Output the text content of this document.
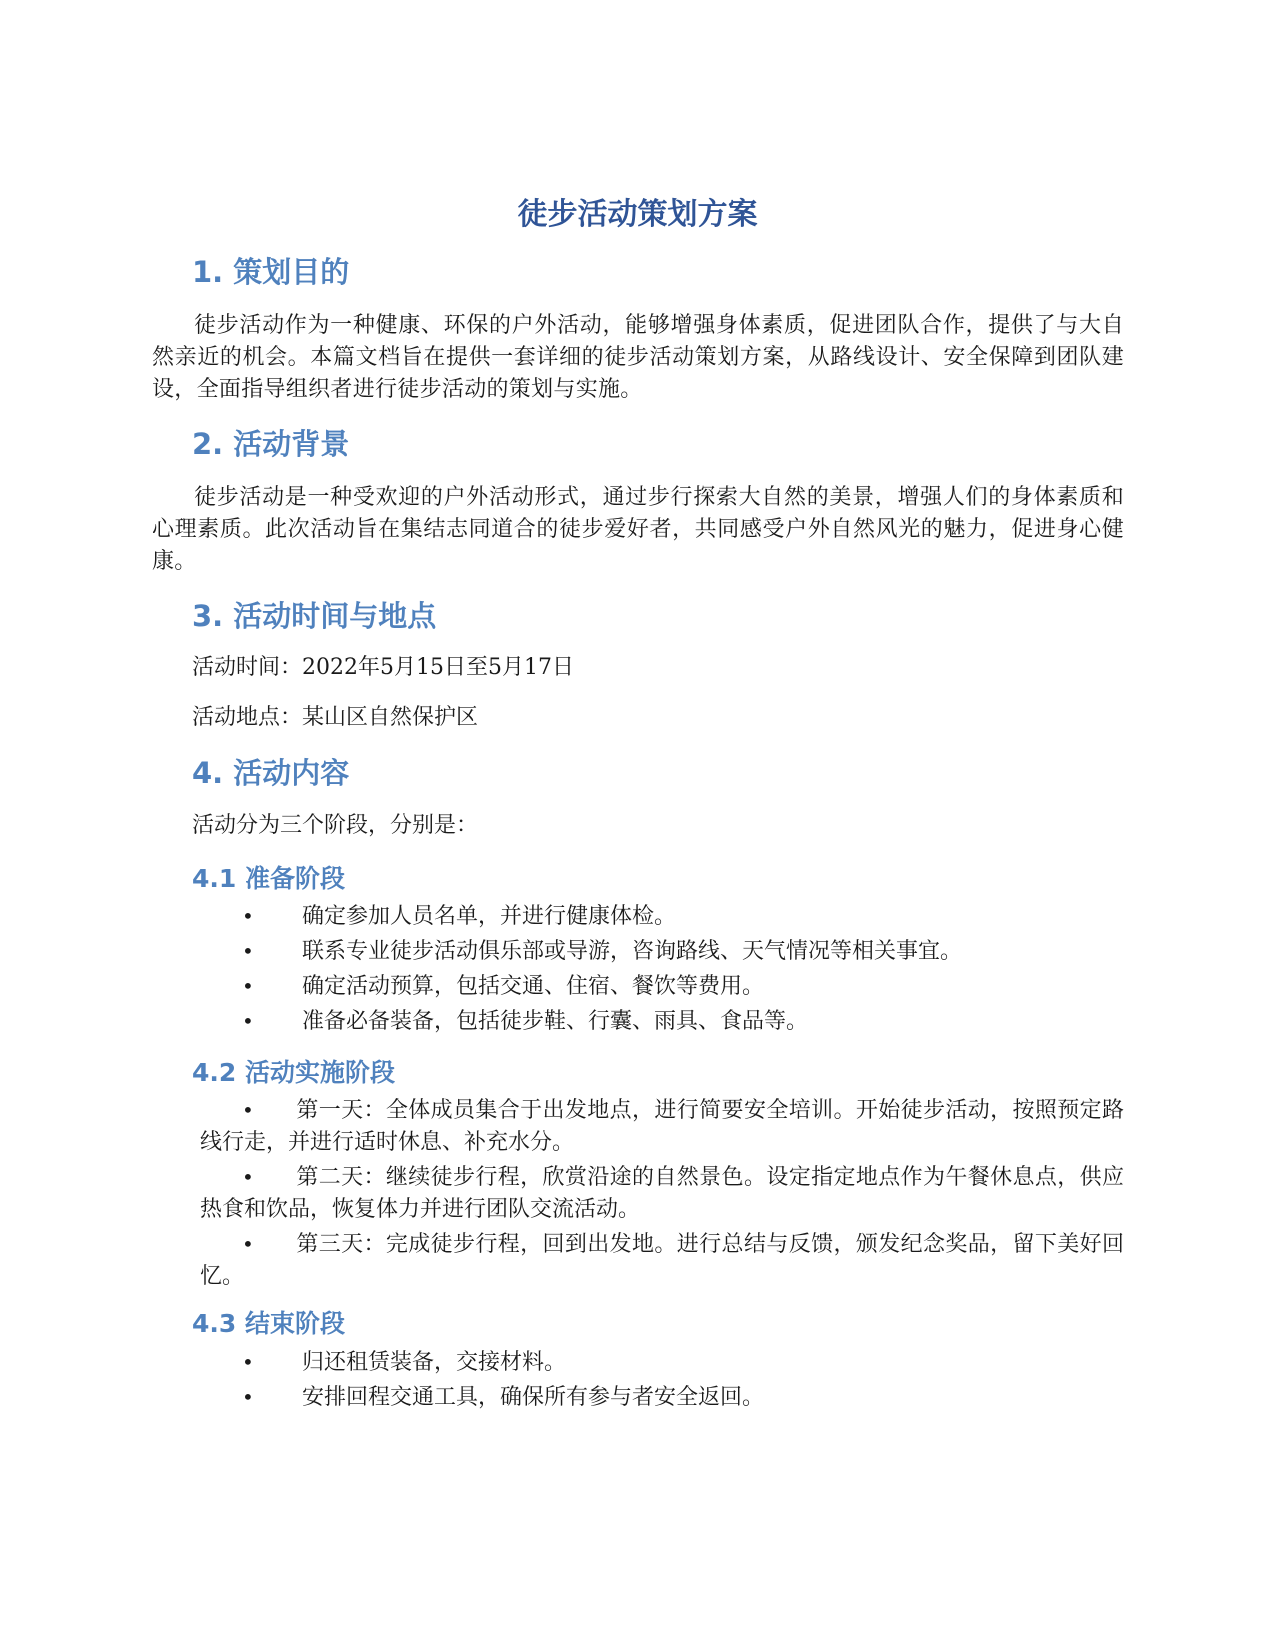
徒步活动策划方案
1. 策划目的

徒步活动作为一种健康、环保的户外活动，能够增强身体素质，促进团队合作，提供了与大自然亲近的机会。本篇文档旨在提供一套详细的徒步活动策划方案，从路线设计、安全保障到团队建设，全面指导组织者进行徒步活动的策划与实施。

2. 活动背景

徒步活动是一种受欢迎的户外活动形式，通过步行探索大自然的美景，增强人们的身体素质和心理素质。此次活动旨在集结志同道合的徒步爱好者，共同感受户外自然风光的魅力，促进身心健康。

3. 活动时间与地点

活动时间：2022年5月15日至5月17日

活动地点：某山区自然保护区

4. 活动内容

活动分为三个阶段，分别是：

4.1 准备阶段
• 确定参加人员名单，并进行健康体检。
• 联系专业徒步活动俱乐部或导游，咨询路线、天气情况等相关事宜。
• 确定活动预算，包括交通、住宿、餐饮等费用。
• 准备必备装备，包括徒步鞋、行囊、雨具、食品等。
4.2 活动实施阶段
• 第一天：全体成员集合于出发地点，进行简要安全培训。开始徒步活动，按照预定路线行走，并进行适时休息、补充水分。
• 第二天：继续徒步行程，欣赏沿途的自然景色。设定指定地点作为午餐休息点，供应热食和饮品，恢复体力并进行团队交流活动。
• 第三天：完成徒步行程，回到出发地。进行总结与反馈，颁发纪念奖品，留下美好回忆。
4.3 结束阶段
• 归还租赁装备，交接材料。
• 安排回程交通工具，确保所有参与者安全返回。
